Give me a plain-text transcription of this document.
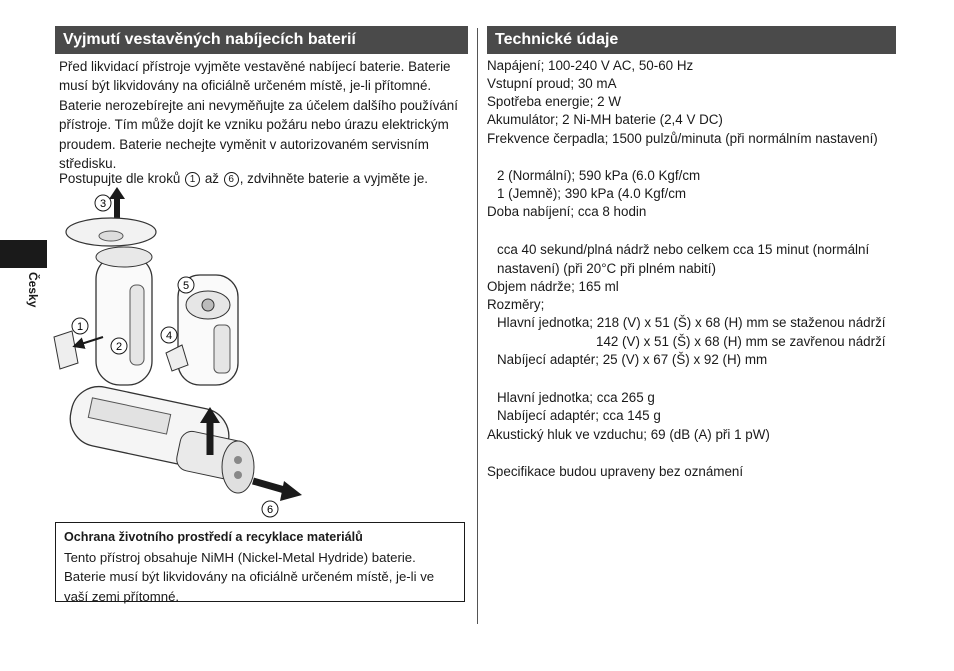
Česky
Vyjmutí vestavěných nabíjecích baterií

Před likvidací přístroje vyjměte vestavěné nabíjecí baterie. Baterie musí být likvidovány na oficiálně určeném místě, je-li přítomné. Baterie nerozebírejte ani nevyměňujte za účelem dalšího používání přístroje. Tím může dojít ke vzniku požáru nebo úrazu elektrickým proudem. Baterie nechejte vyměnit v autorizovaném servisním středisku.

Postupujte dle kroků 1 až 6 , zdvihněte baterie a vyjměte je.

3
5
1
2
4
6
Ochrana životního prostředí a recyklace materiálů
Tento přístroj obsahuje NiMH (Nickel-Metal Hydride) baterie.
Baterie musí být likvidovány na oficiálně určeném místě, je-li ve
vaší zemi přítomné.
Technické údaje
Napájení; 100-240 V AC, 50-60 Hz
Vstupní proud; 30 mA
Spotřeba energie; 2 W
Akumulátor; 2 Ni-MH baterie (2,4 V DC)
Frekvence čerpadla; 1500 pulzů/minuta (při normálním nastavení)
2 (Normální); 590 kPa (6.0 Kgf/cm
1 (Jemně); 390 kPa (4.0 Kgf/cm
Doba nabíjení; cca 8 hodin
cca 40 sekund/plná nádrž nebo celkem cca 15 minut (normální
nastavení) (při 20°C při plném nabití)
Objem nádrže; 165 ml
Rozměry;
Hlavní jednotka; 218 (V) x 51 (Š) x 68 (H) mm se staženou nádrží
142 (V) x 51 (Š) x 68 (H) mm se zavřenou nádrží
Nabíjecí adaptér; 25 (V) x 67 (Š) x 92 (H) mm
Hlavní jednotka; cca 265 g
Nabíjecí adaptér; cca 145 g
Akustický hluk ve vzduchu; 69 (dB (A) při 1 pW)
Specifikace budou upraveny bez oznámení
